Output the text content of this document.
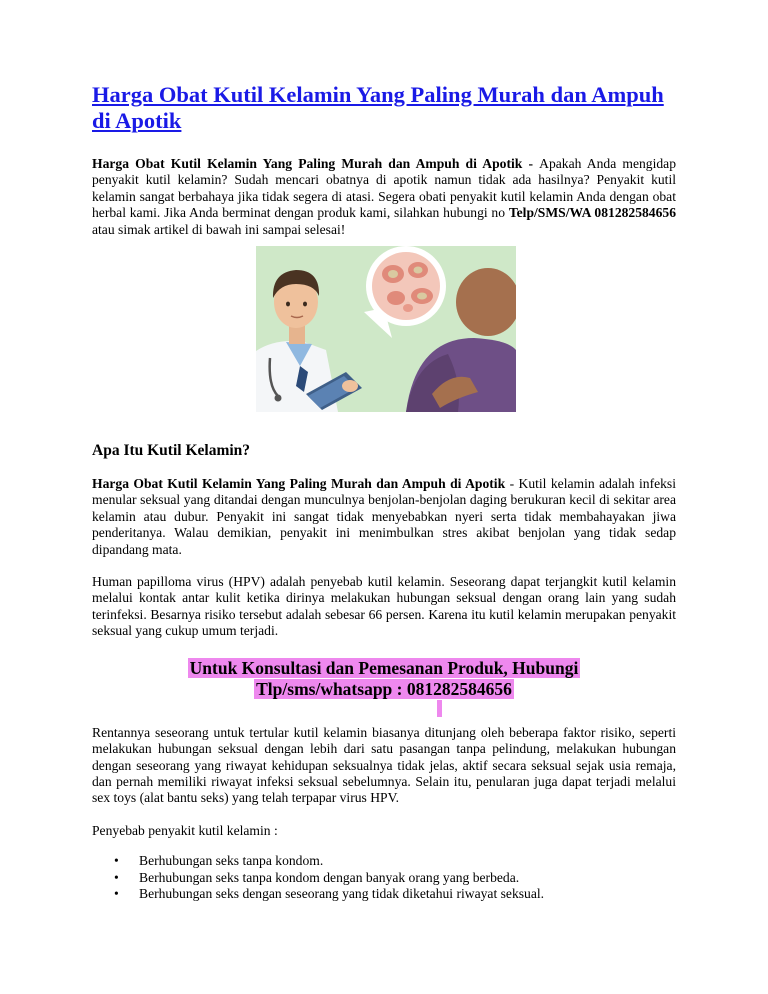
Harga Obat Kutil Kelamin Yang Paling Murah dan Ampuh di Apotik

Harga Obat Kutil Kelamin Yang Paling Murah dan Ampuh di Apotik - Apakah Anda mengidap penyakit kutil kelamin? Sudah mencari obatnya di apotik namun tidak ada hasilnya? Penyakit kutil kelamin sangat berbahaya jika tidak segera di atasi. Segera obati penyakit kutil kelamin Anda dengan obat herbal kami. Jika Anda berminat dengan produk kami, silahkan hubungi no Telp/SMS/WA 081282584656 atau simak artikel di bawah ini sampai selesai!

Apa Itu Kutil Kelamin?

Harga Obat Kutil Kelamin Yang Paling Murah dan Ampuh di Apotik - Kutil kelamin adalah infeksi menular seksual yang ditandai dengan munculnya benjolan-benjolan daging berukuran kecil di sekitar area kelamin atau dubur. Penyakit ini sangat tidak menyebabkan nyeri serta tidak membahayakan jiwa penderitanya. Walau demikian, penyakit ini menimbulkan stres akibat benjolan yang tidak sedap dipandang mata.

Human papilloma virus (HPV) adalah penyebab kutil kelamin. Seseorang dapat terjangkit kutil kelamin melalui kontak antar kulit ketika dirinya melakukan hubungan seksual dengan orang lain yang sudah terinfeksi. Besarnya risiko tersebut adalah sebesar 66 persen. Karena itu kutil kelamin merupakan penyakit seksual yang cukup umum terjadi.

Untuk Konsultasi dan Pemesanan Produk, Hubungi
Tlp/sms/whatsapp : 081282584656

Rentannya seseorang untuk tertular kutil kelamin biasanya ditunjang oleh beberapa faktor risiko, seperti melakukan hubungan seksual dengan lebih dari satu pasangan tanpa pelindung, melakukan hubungan dengan seseorang yang riwayat kehidupan seksualnya tidak jelas, aktif secara seksual sejak usia remaja, dan pernah memiliki riwayat infeksi seksual sebelumnya. Selain itu, penularan juga dapat terjadi melalui sex toys (alat bantu seks) yang telah terpapar virus HPV.

Penyebab penyakit kutil kelamin :

• Berhubungan seks tanpa kondom.
• Berhubungan seks tanpa kondom dengan banyak orang yang berbeda.
• Berhubungan seks dengan seseorang yang tidak diketahui riwayat seksual.
